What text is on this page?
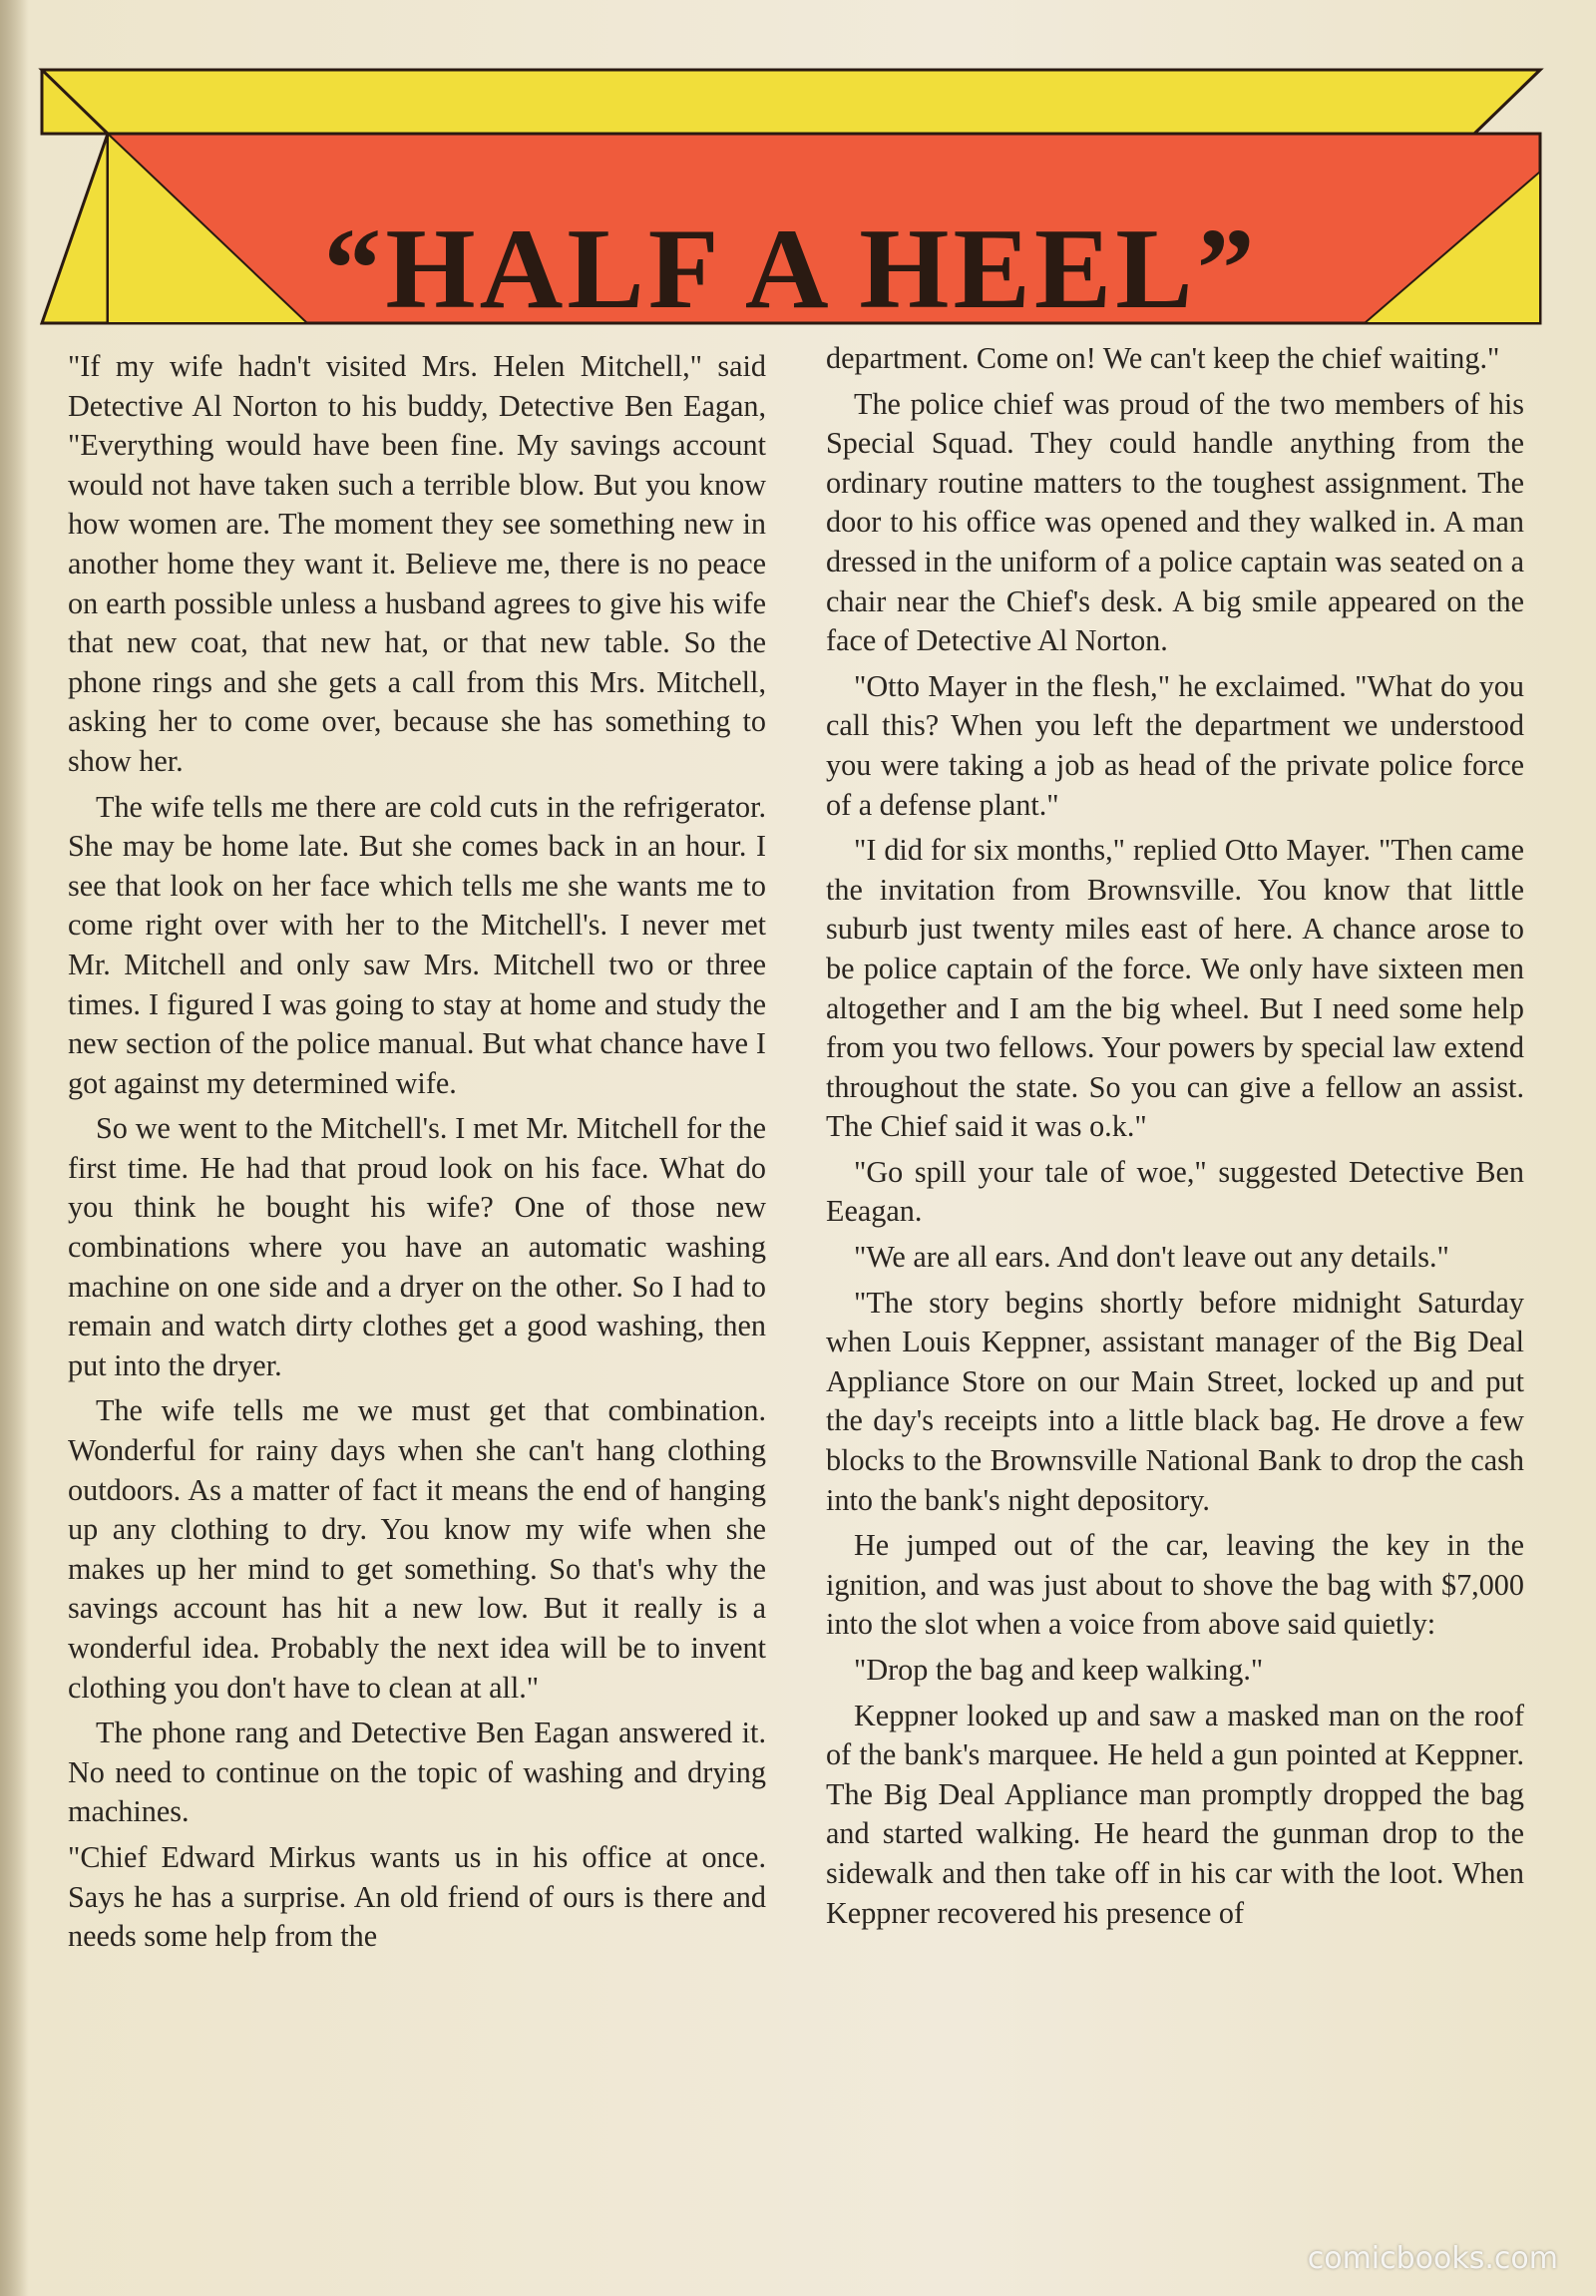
“HALF A HEEL”

"If my wife hadn't visited Mrs. Helen Mitchell," said Detective Al Norton to his buddy, Detective Ben Eagan, "Everything would have been fine. My savings account would not have taken such a terrible blow. But you know how women are. The moment they see something new in another home they want it. Believe me, there is no peace on earth possible unless a husband agrees to give his wife that new coat, that new hat, or that new table. So the phone rings and she gets a call from this Mrs. Mitchell, asking her to come over, because she has something to show her.

The wife tells me there are cold cuts in the refrigerator. She may be home late. But she comes back in an hour. I see that look on her face which tells me she wants me to come right over with her to the Mitchell's. I never met Mr. Mitchell and only saw Mrs. Mitchell two or three times. I figured I was going to stay at home and study the new section of the police manual. But what chance have I got against my determined wife.

So we went to the Mitchell's. I met Mr. Mitchell for the first time. He had that proud look on his face. What do you think he bought his wife? One of those new combinations where you have an automatic washing machine on one side and a dryer on the other. So I had to remain and watch dirty clothes get a good washing, then put into the dryer.

The wife tells me we must get that combination. Wonderful for rainy days when she can't hang clothing outdoors. As a matter of fact it means the end of hanging up any clothing to dry. You know my wife when she makes up her mind to get something. So that's why the savings account has hit a new low. But it really is a wonderful idea. Probably the next idea will be to invent clothing you don't have to clean at all."

The phone rang and Detective Ben Eagan answered it. No need to continue on the topic of washing and drying machines.

"Chief Edward Mirkus wants us in his office at once. Says he has a surprise. An old friend of ours is there and needs some help from the

department. Come on! We can't keep the chief waiting."

The police chief was proud of the two members of his Special Squad. They could handle anything from the ordinary routine matters to the toughest assignment. The door to his office was opened and they walked in. A man dressed in the uniform of a police captain was seated on a chair near the Chief's desk. A big smile appeared on the face of Detective Al Norton.

"Otto Mayer in the flesh," he exclaimed. "What do you call this? When you left the department we understood you were taking a job as head of the private police force of a defense plant."

"I did for six months," replied Otto Mayer. "Then came the invitation from Brownsville. You know that little suburb just twenty miles east of here. A chance arose to be police captain of the force. We only have sixteen men altogether and I am the big wheel. But I need some help from you two fellows. Your powers by special law extend throughout the state. So you can give a fellow an assist. The Chief said it was o.k."

"Go spill your tale of woe," suggested Detective Ben Eeagan.

"We are all ears. And don't leave out any details."

"The story begins shortly before midnight Saturday when Louis Keppner, assistant manager of the Big Deal Appliance Store on our Main Street, locked up and put the day's receipts into a little black bag. He drove a few blocks to the Brownsville National Bank to drop the cash into the bank's night depository.

He jumped out of the car, leaving the key in the ignition, and was just about to shove the bag with $7,000 into the slot when a voice from above said quietly:

"Drop the bag and keep walking."

Keppner looked up and saw a masked man on the roof of the bank's marquee. He held a gun pointed at Keppner. The Big Deal Appliance man promptly dropped the bag and started walking. He heard the gunman drop to the sidewalk and then take off in his car with the loot. When Keppner recovered his presence of

comicbooks.com
